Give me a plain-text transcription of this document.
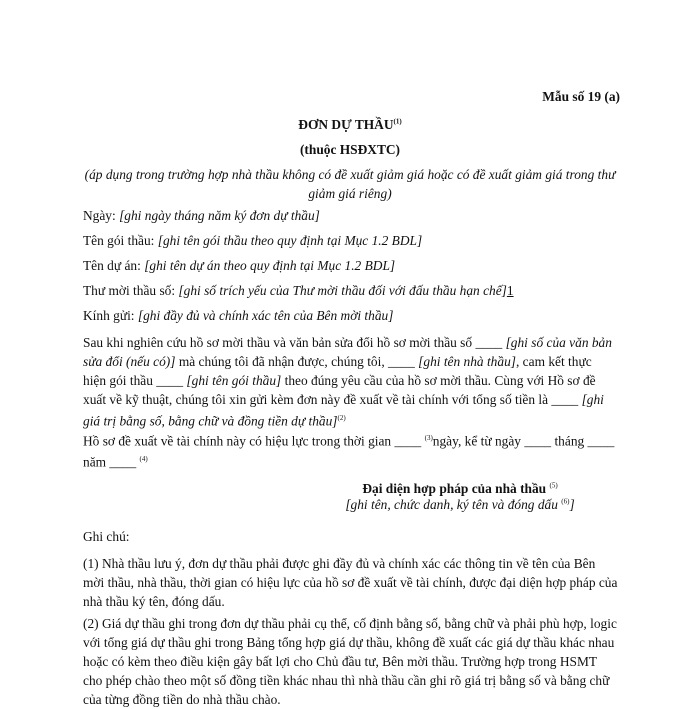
Mẫu số 19 (a)
ĐƠN DỰ THẦU$^{(1)}$
(thuộc HSĐXTC)
(áp dụng trong trường hợp nhà thầu không có đề xuất giảm giá hoặc có đề xuất giảm giá trong thư giảm giá riêng)
Ngày: [ghi ngày tháng năm ký đơn dự thầu]
Tên gói thầu: [ghi tên gói thầu theo quy định tại Mục 1.2 BDL]
Tên dự án: [ghi tên dự án theo quy định tại Mục 1.2 BDL]
Thư mời thầu số: [ghi số trích yếu của Thư mời thầu đối với đấu thầu hạn chế]1
Kính gửi: [ghi đầy đủ và chính xác tên của Bên mời thầu]
Sau khi nghiên cứu hồ sơ mời thầu và văn bản sửa đổi hồ sơ mời thầu số ____ [ghi số của văn bản sửa đổi (nếu có)] mà chúng tôi đã nhận được, chúng tôi, ____ [ghi tên nhà thầu], cam kết thực hiện gói thầu ____ [ghi tên gói thầu] theo đúng yêu cầu của hồ sơ mời thầu. Cùng với Hồ sơ đề xuất về kỹ thuật, chúng tôi xin gửi kèm đơn này đề xuất về tài chính với tổng số tiền là ____ [ghi giá trị bằng số, bằng chữ và đồng tiền dự thầu]$^{(2)}$
Hồ sơ đề xuất về tài chính này có hiệu lực trong thời gian ____ $^{(3)}$ngày, kể từ ngày ____ tháng ____ năm ____ $^{(4)}$
Đại diện hợp pháp của nhà thầu $^{(5)}$
[ghi tên, chức danh, ký tên và đóng dấu $^{(6)}$]
Ghi chú:
(1) Nhà thầu lưu ý, đơn dự thầu phải được ghi đầy đủ và chính xác các thông tin về tên của Bên mời thầu, nhà thầu, thời gian có hiệu lực của hồ sơ đề xuất về tài chính, được đại diện hợp pháp của nhà thầu ký tên, đóng dấu.
(2) Giá dự thầu ghi trong đơn dự thầu phải cụ thể, cố định bằng số, bằng chữ và phải phù hợp, logic với tổng giá dự thầu ghi trong Bảng tổng hợp giá dự thầu, không đề xuất các giá dự thầu khác nhau hoặc có kèm theo điều kiện gây bất lợi cho Chủ đầu tư, Bên mời thầu. Trường hợp trong HSMT cho phép chào theo một số đồng tiền khác nhau thì nhà thầu cần ghi rõ giá trị bằng số và bằng chữ của từng đồng tiền do nhà thầu chào.
